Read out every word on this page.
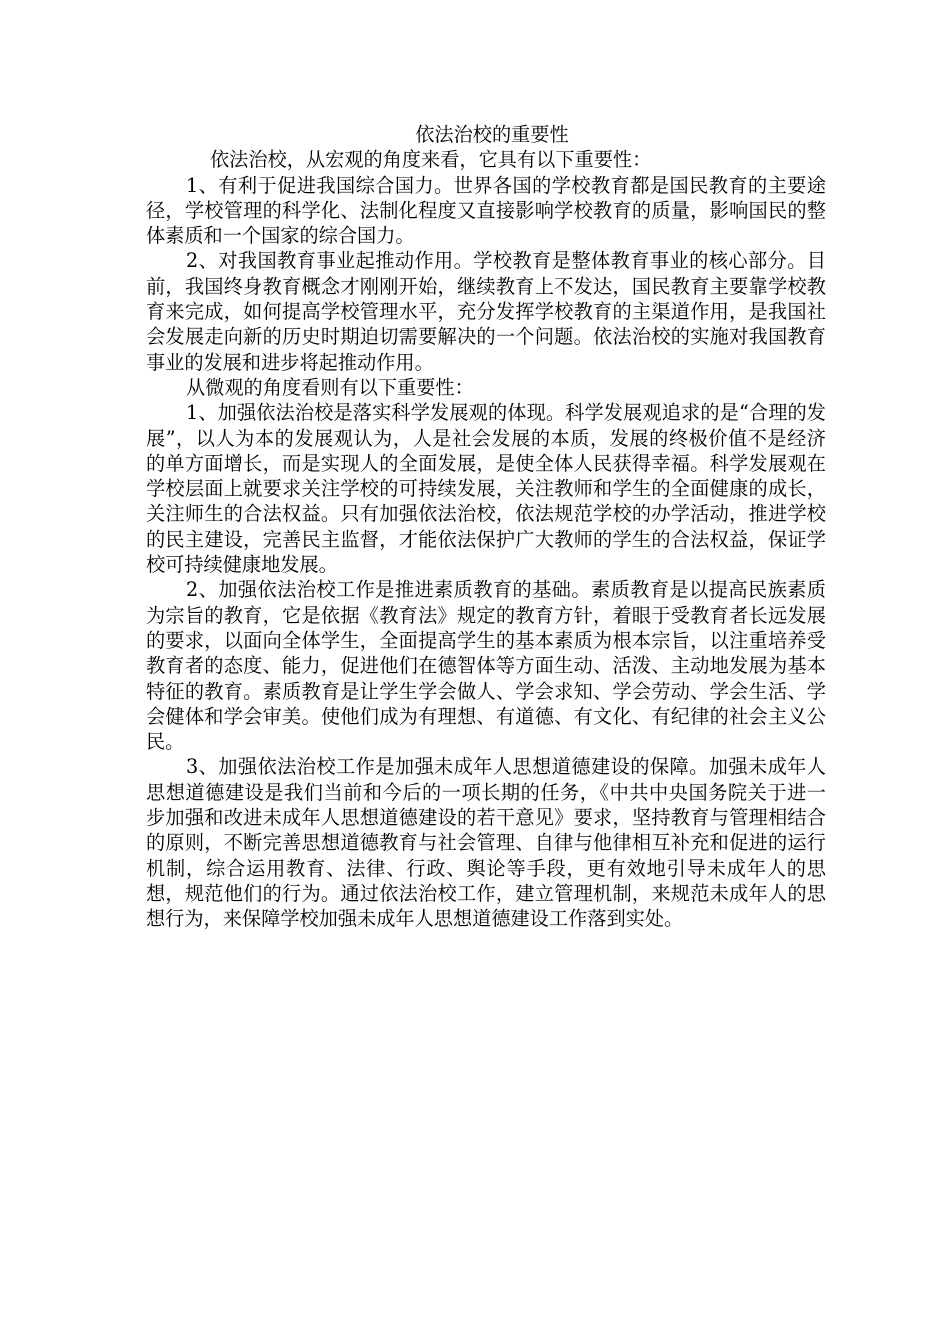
依法治校的重要性

依法治校，从宏观的角度来看，它具有以下重要性：

1、有利于促进我国综合国力。世界各国的学校教育都是国民教育的主要途径，学校管理的科学化、法制化程度又直接影响学校教育的质量，影响国民的整体素质和一个国家的综合国力。

2、对我国教育事业起推动作用。学校教育是整体教育事业的核心部分。目前，我国终身教育概念才刚刚开始，继续教育上不发达，国民教育主要靠学校教育来完成，如何提高学校管理水平，充分发挥学校教育的主渠道作用，是我国社会发展走向新的历史时期迫切需要解决的一个问题。依法治校的实施对我国教育事业的发展和进步将起推动作用。

从微观的角度看则有以下重要性：

1、加强依法治校是落实科学发展观的体现。科学发展观追求的是“合理的发展”，以人为本的发展观认为，人是社会发展的本质，发展的终极价值不是经济的单方面增长，而是实现人的全面发展，是使全体人民获得幸福。科学发展观在学校层面上就要求关注学校的可持续发展，关注教师和学生的全面健康的成长，关注师生的合法权益。只有加强依法治校，依法规范学校的办学活动，推进学校的民主建设，完善民主监督，才能依法保护广大教师的学生的合法权益，保证学校可持续健康地发展。

2、加强依法治校工作是推进素质教育的基础。素质教育是以提高民族素质为宗旨的教育，它是依据《教育法》规定的教育方针，着眼于受教育者长远发展的要求，以面向全体学生，全面提高学生的基本素质为根本宗旨，以注重培养受教育者的态度、能力，促进他们在德智体等方面生动、活泼、主动地发展为基本特征的教育。素质教育是让学生学会做人、学会求知、学会劳动、学会生活、学会健体和学会审美。使他们成为有理想、有道德、有文化、有纪律的社会主义公民。

3、加强依法治校工作是加强未成年人思想道德建设的保障。加强未成年人思想道德建设是我们当前和今后的一项长期的任务，《中共中央国务院关于进一步加强和改进未成年人思想道德建设的若干意见》要求，坚持教育与管理相结合的原则，不断完善思想道德教育与社会管理、自律与他律相互补充和促进的运行机制，综合运用教育、法律、行政、舆论等手段，更有效地引导未成年人的思想，规范他们的行为。通过依法治校工作，建立管理机制，来规范未成年人的思想行为，来保障学校加强未成年人思想道德建设工作落到实处。
